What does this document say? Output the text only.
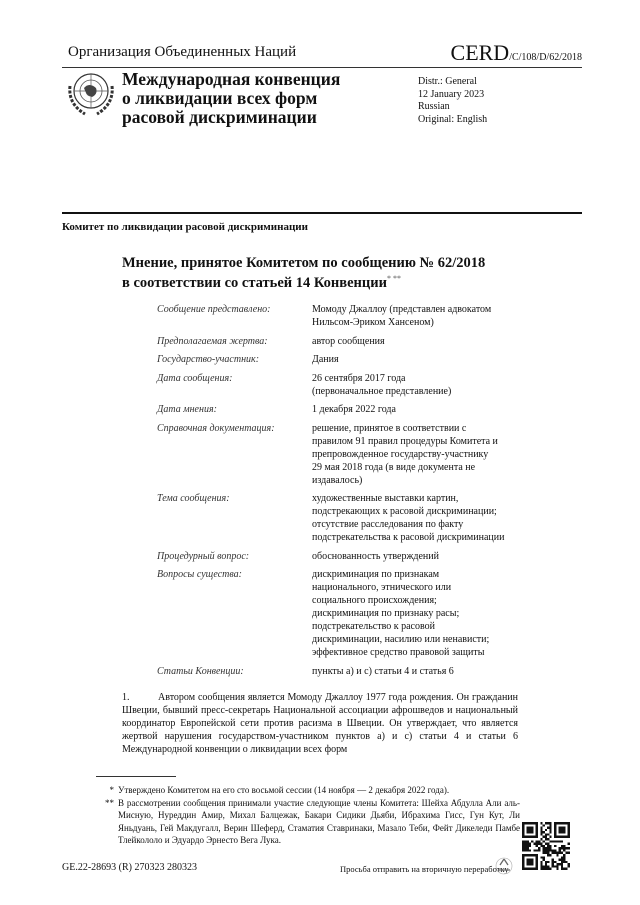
Организация Объединенных Наций	CERD/C/108/D/62/2018
Международная конвенция
о ликвидации всех форм
расовой дискриминации
Distr.: General
12 January 2023
Russian
Original: English
Комитет по ликвидации расовой дискриминации
Мнение, принятое Комитетом по сообщению № 62/2018
в соответствии со статьей 14 Конвенции* **
Сообщение представлено:	Момоду Джаллоу (представлен адвокатом
Нильсом-Эриком Хансеном)
Предполагаемая жертва:	автор сообщения
Государство-участник:	Дания
Дата сообщения:	26 сентября 2017 года
(первоначальное представление)
Дата мнения:	1 декабря 2022 года
Справочная документация:	решение, принятое в соответствии с
правилом 91 правил процедуры Комитета и
препровожденное государству-участнику
29 мая 2018 года (в виде документа не
издавалось)
Тема сообщения:	художественные выставки картин,
подстрекающих к расовой дискриминации;
отсутствие расследования по факту
подстрекательства к расовой дискриминации
Процедурный вопрос:	обоснованность утверждений
Вопросы существа:	дискриминация по признакам
национального, этнического или
социального происхождения;
дискриминация по признаку расы;
подстрекательство к расовой
дискриминации, насилию или ненависти;
эффективное средство правовой защиты
Статьи Конвенции:	пункты a) и c) статьи 4 и статья 6
1.	Автором сообщения является Момоду Джаллоу 1977 года рождения. Он гражданин Швеции, бывший пресс-секретарь Национальной ассоциации афрошведов и национальный координатор Европейской сети против расизма в Швеции. Он утверждает, что является жертвой нарушения государством-участником пунктов a) и c) статьи 4 и статьи 6 Международной конвенции о ликвидации всех форм
* Утверждено Комитетом на его сто восьмой сессии (14 ноября — 2 декабря 2022 года).
** В рассмотрении сообщения принимали участие следующие члены Комитета: Шейха Абдулла Али аль-Мисную, Нуреддин Амир, Михал Балцежак, Бакари Сидики Дьяби, Ибрахима Гисс, Гун Кут, Ли Яньдуань, Гей Макдугалл, Верин Шеферд, Стаматия Ставринаки, Мазало Теби, Фейт Дикеледи Памбе Тлейкололо и Эдуардо Эрнесто Вега Лука.
GE.22-28693 (R) 270323 280323	Просьба отправить на вторичную переработку
